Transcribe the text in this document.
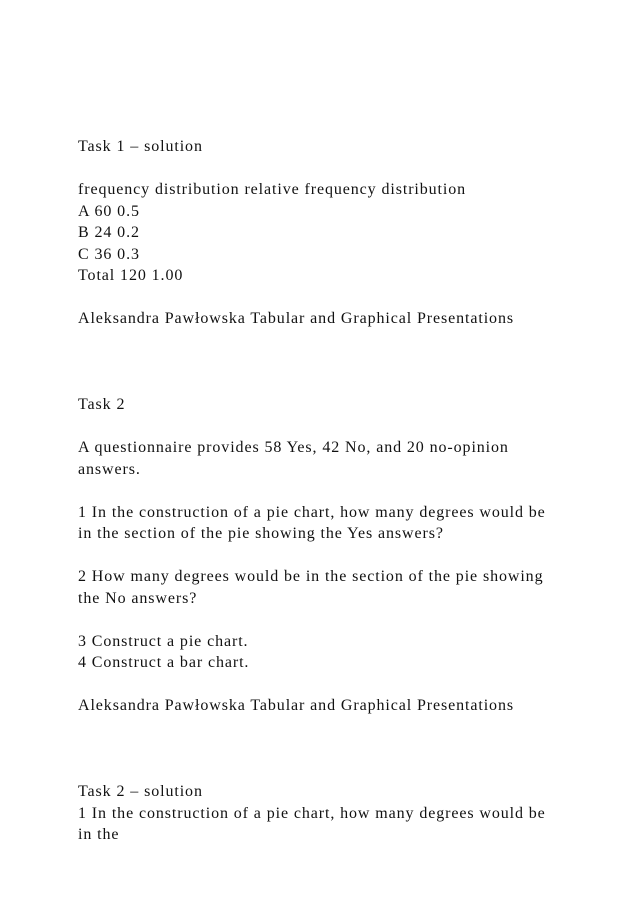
Task 1 – solution
frequency distribution relative frequency distribution
A 60 0.5
B 24 0.2
C 36 0.3
Total 120 1.00
Aleksandra Pawłowska Tabular and Graphical Presentations
Task 2
A questionnaire provides 58 Yes, 42 No, and 20 no-opinion
answers.
1 In the construction of a pie chart, how many degrees would be
in the section of the pie showing the Yes answers?
2 How many degrees would be in the section of the pie showing
the No answers?
3 Construct a pie chart.
4 Construct a bar chart.
Aleksandra Pawłowska Tabular and Graphical Presentations
Task 2 – solution
1 In the construction of a pie chart, how many degrees would be
in the
